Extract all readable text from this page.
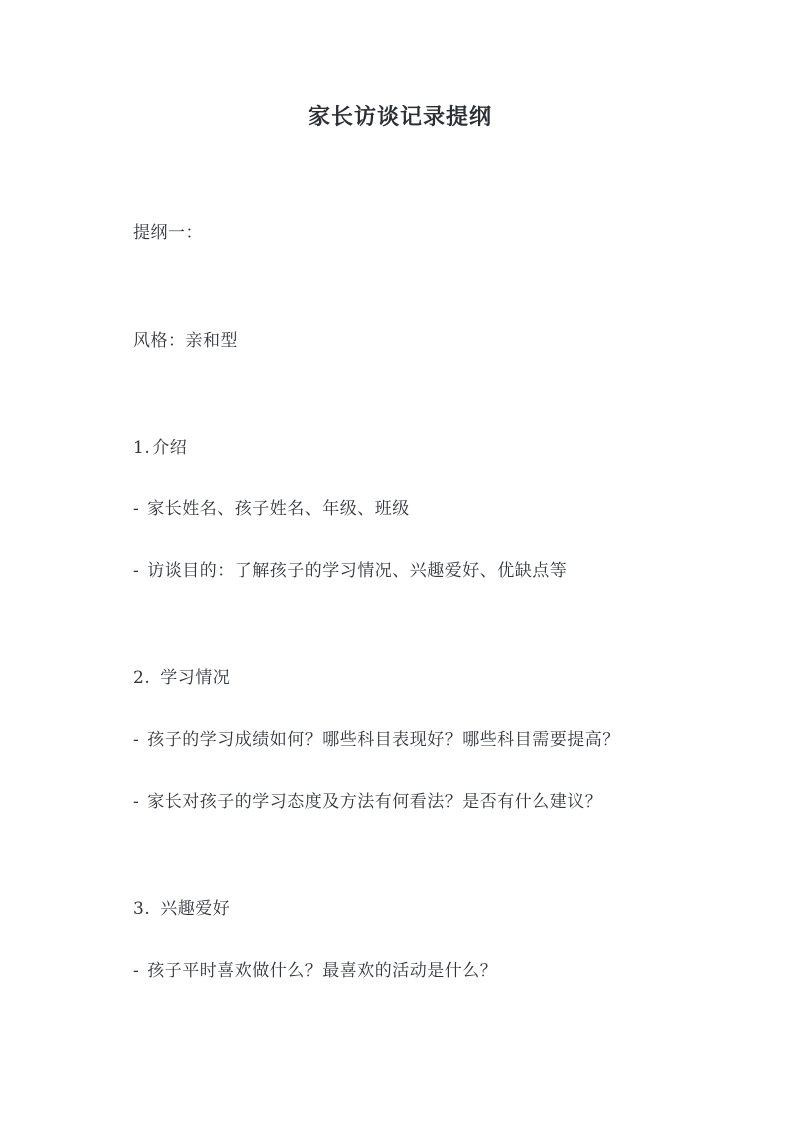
家长访谈记录提纲
提纲一：
风格：亲和型
1. 介绍
- 家长姓名、孩子姓名、年级、班级
- 访谈目的：了解孩子的学习情况、兴趣爱好、优缺点等
2. 学习情况
- 孩子的学习成绩如何？哪些科目表现好？哪些科目需要提高？
- 家长对孩子的学习态度及方法有何看法？是否有什么建议？
3. 兴趣爱好
- 孩子平时喜欢做什么？最喜欢的活动是什么？
